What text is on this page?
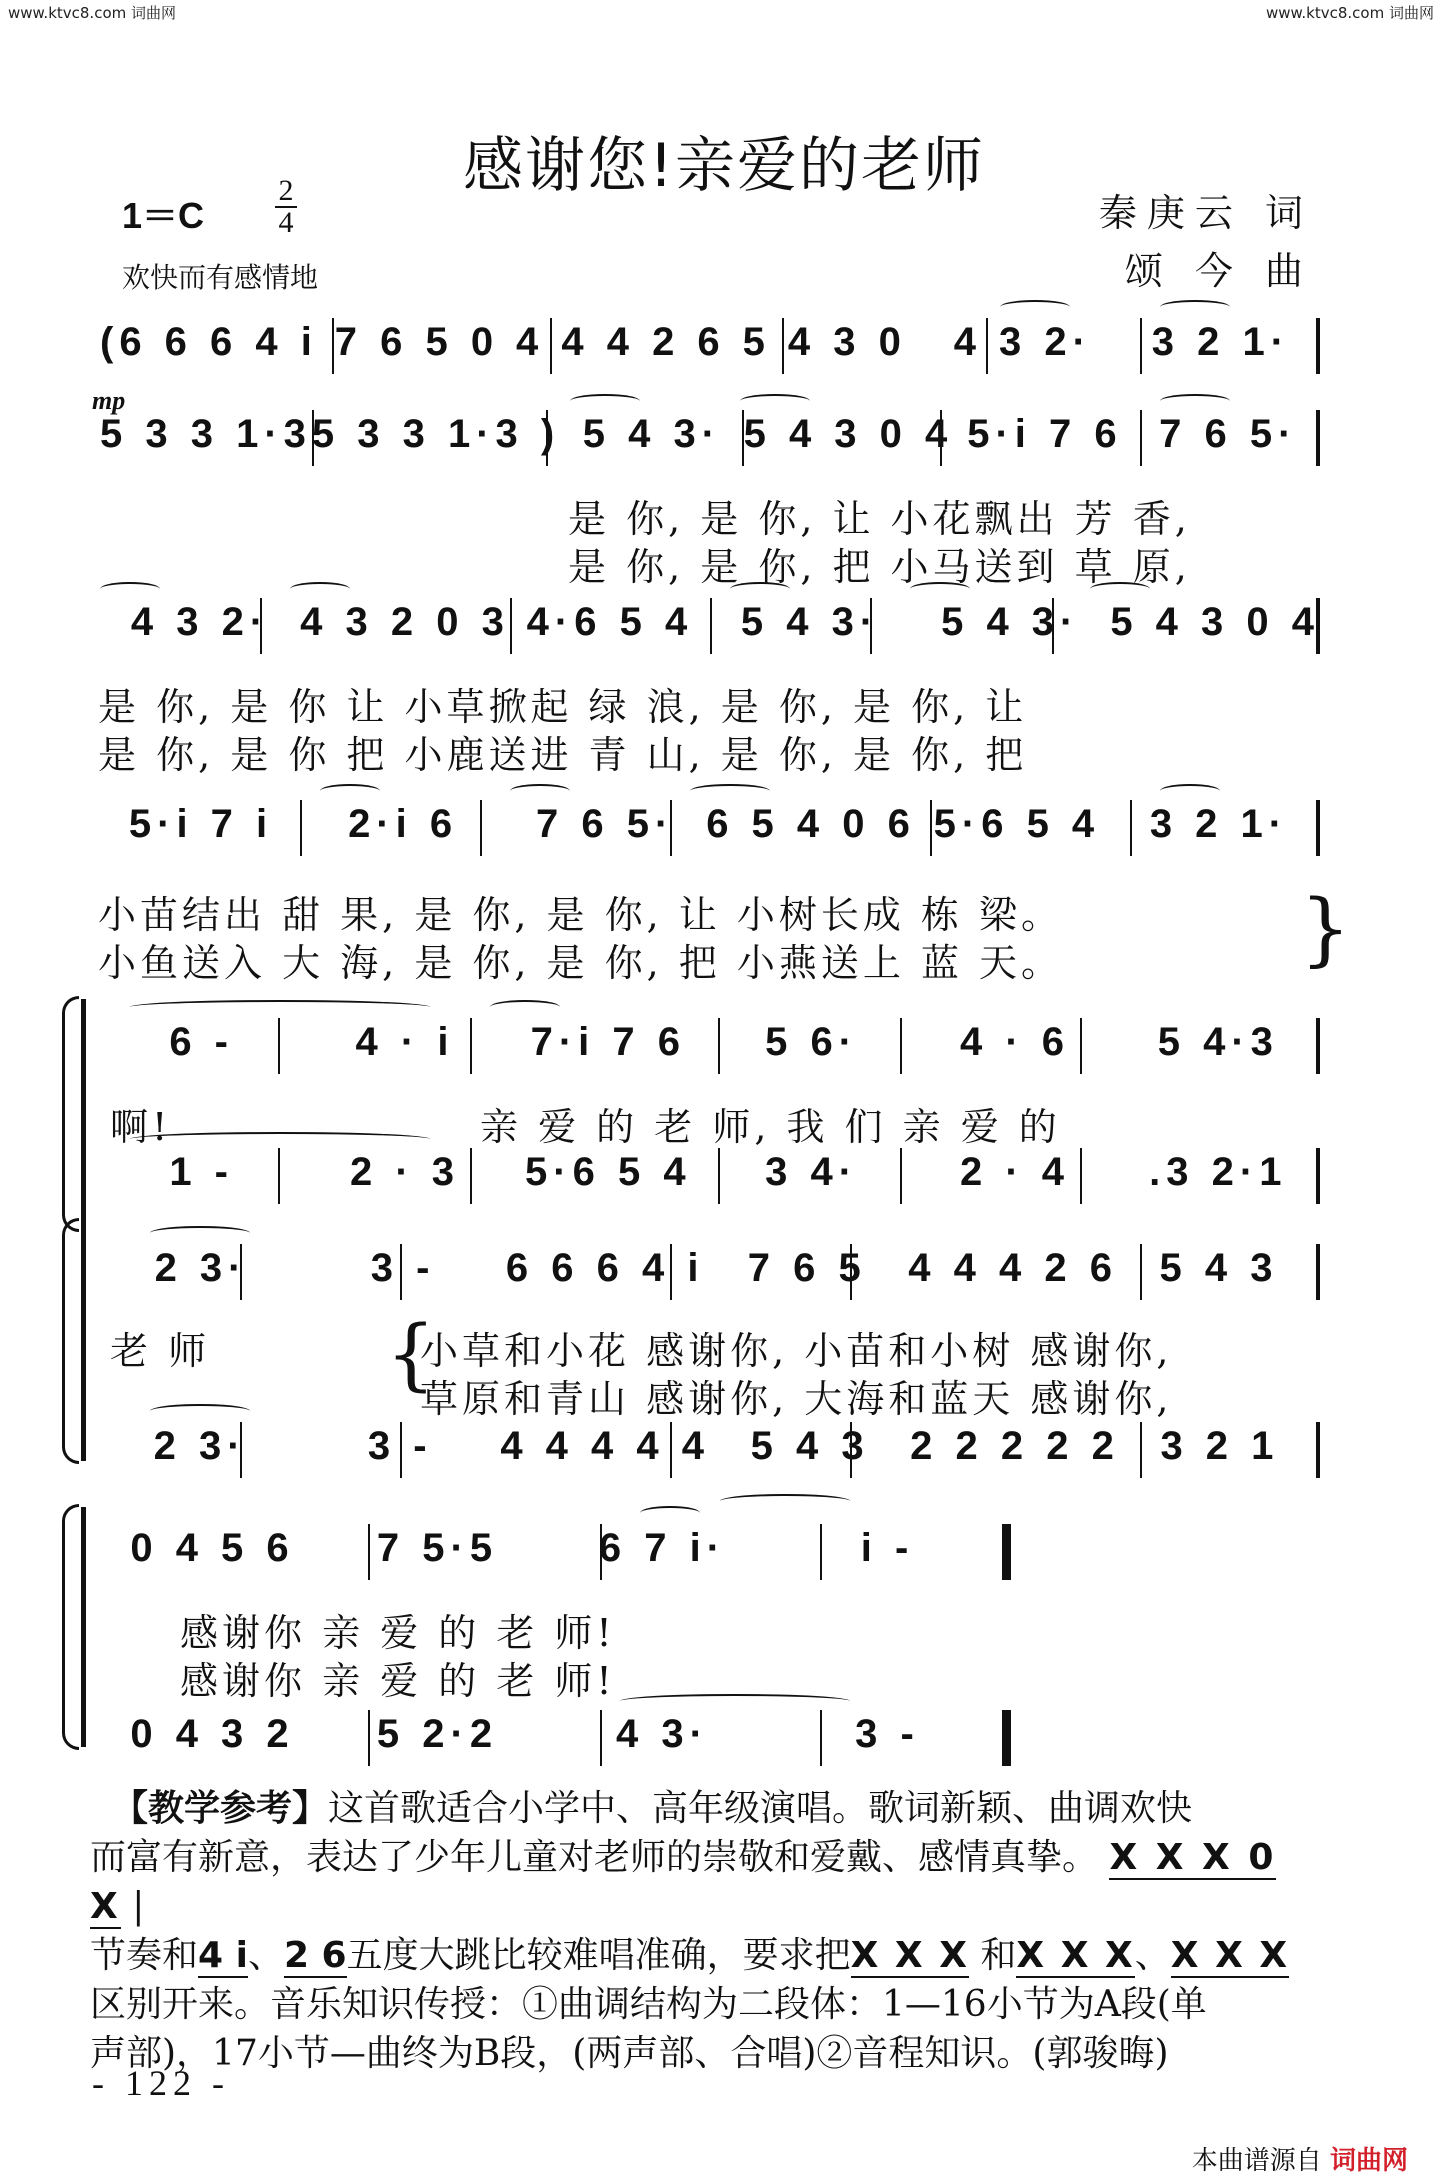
www.ktvc8.com 词曲网	www.ktvc8.com 词曲网
感谢您!亲爱的老师
1＝C
2
4
欢快而有感情地
秦庚云 词
颂 今 曲
mp
(6 6 6 4 i 7 6 5 0 4 4 4 2 6 5 4 3 0	4 3 2·	3 2 1·
5 3 3 1·3 5 3 3 1·3 ) 5 4 3· 5 4 3 0 4 5·i 7 6 7 6 5·
是 你, 是 你, 让 小花飘出 芳 香,
是 你, 是 你, 把 小马送到 草 原,
4 3 2· 4 3 2 0 3 4·6 5 4	5 4 3·	5 4 3· 5 4 3 0 4
是 你, 是 你 让 小草掀起 绿 浪, 是 你, 是 你, 让
是 你, 是 你 把 小鹿送进 青 山, 是 你, 是 你, 把
5·i 7 i	2·i 6	7 6 5· 6 5 4 0 6 5·6 5 4	3 2 1·
小苗结出 甜 果, 是 你, 是 你, 让 小树长成 栋 梁。
小鱼送入 大 海, 是 你, 是 你, 把 小燕送上 蓝 天。	}
6 -	4 · i	7·i 7 6	5 6·	4 · 6	5 4·3
啊!	亲 爱 的 老 师, 我 们 亲 爱 的
1 -	2 · 3	5·6 5 4	3 4·	2 · 4	.3 2·1
2 3·	3 -	6 6 6 4 i	7 6 5	4 4 4 2 6	5 4 3
老 师 {
小草和小花 感谢你, 小苗和小树 感谢你,
草原和青山 感谢你, 大海和蓝天 感谢你,
2 3·	3 -	4 4 4 4 4	5 4 3	2 2 2 2 2	3 2 1
0 4 5 6	7 5·5	6 7 i·	i -
感谢你 亲 爱 的 老 师!
感谢你 亲 爱 的 老 师!
0 4 3 2	5 2·2	4 3·	3 -
【教学参考】这首歌适合小学中、高年级演唱。歌词新颖、曲调欢快
而富有新意，表达了少年儿童对老师的崇敬和爱戴、感情真挚。 X X X 0 X |
节奏和4 i、2 6五度大跳比较难唱准确，要求把X X X 和X X X、X X X
区别开来。音乐知识传授：①曲调结构为二段体：1—16小节为A段(单
声部)，17小节—曲终为B段，(两声部、合唱)②音程知识。(郭骏晦)
- 122 -
本曲谱源自 词曲网
